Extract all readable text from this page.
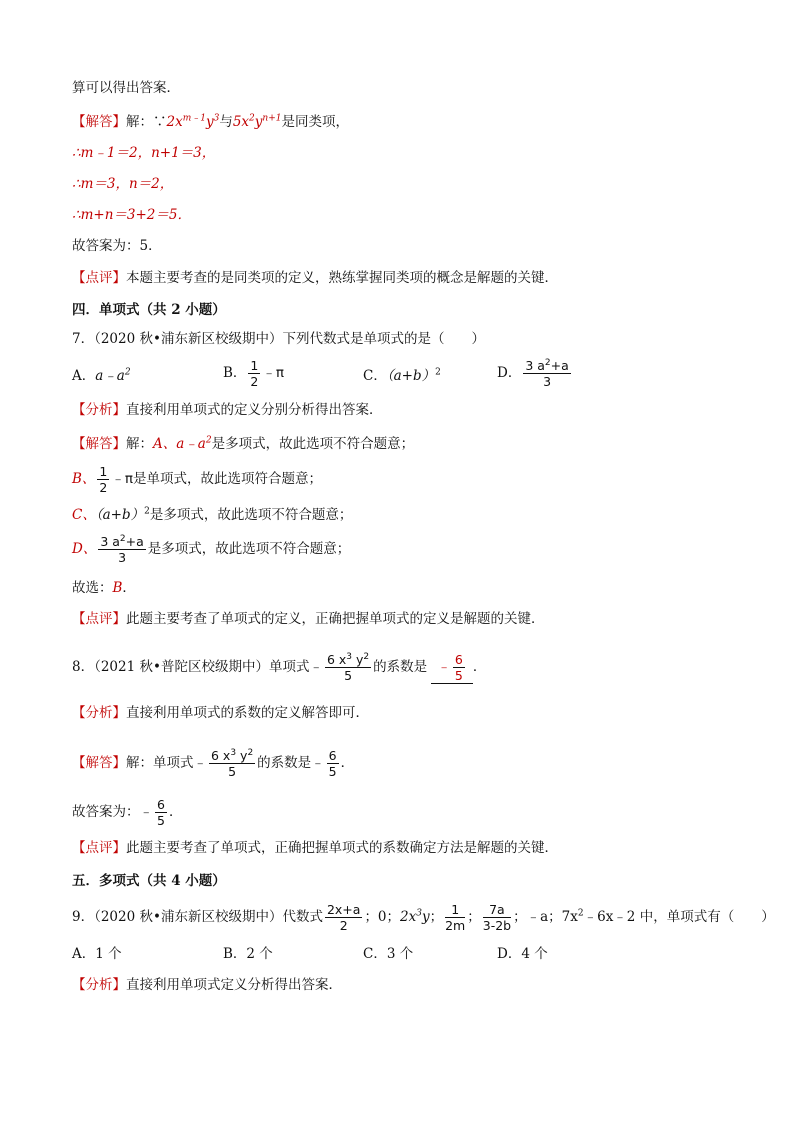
算可以得出答案．
【解答】解：$\because 2x^{m﹣1}y^3$与$5x^2y^{n+1}$是同类项，
∴m﹣1＝2，n+1＝3，
∴m＝3，n＝2，
∴m+n＝3+2＝5．
故答案为：5．
【点评】本题主要考查的是同类项的定义，熟练掌握同类项的概念是解题的关键．
四．单项式（共 2 小题）
7．（2020 秋•浦东新区校级期中）下列代数式是单项式的是（　　）
A．$a﹣a^2$	B． $\frac{1}{2}$ ﹣π	C．$(a+b)^2$	D． $\frac{3 a^2+a}{3}$
【分析】直接利用单项式的定义分别分析得出答案．
【解答】解：A、$a﹣a^2$是多项式，故此选项不符合题意；
B、 $\frac{1}{2}$ ﹣π是单项式，故此选项符合题意；
C、$(a+b)^2$是多项式，故此选项不符合题意；
D、 $\frac{3 a^2+a}{3}$ 是多项式，故此选项不符合题意；
故选：B．
【点评】此题主要考查了单项式的定义，正确把握单项式的定义是解题的关键．
8．（2021 秋•普陀区校级期中）单项式﹣ $\frac{6 x^3 y^2}{5}$ 的系数是 ﹣ $\frac{6}{5}$ ．
【分析】直接利用单项式的系数的定义解答即可．
【解答】解：单项式﹣ $\frac{6 x^3 y^2}{5}$ 的系数是﹣ $\frac{6}{5}$ ．
故答案为：﹣ $\frac{6}{5}$ ．
【点评】此题主要考查了单项式，正确把握单项式的系数确定方法是解题的关键．
五．多项式（共 4 小题）
9．（2020 秋•浦东新区校级期中）代数式 $\frac{2x+a}{2}$ ；0；$2x^3y$； $\frac{1}{2m}$ ； $\frac{7a}{3-2b}$ ；﹣a；$7x^2﹣6x﹣2$ 中，单项式有（　　）
A．1 个	B．2 个	C．3 个	D．4 个
【分析】直接利用单项式定义分析得出答案．
